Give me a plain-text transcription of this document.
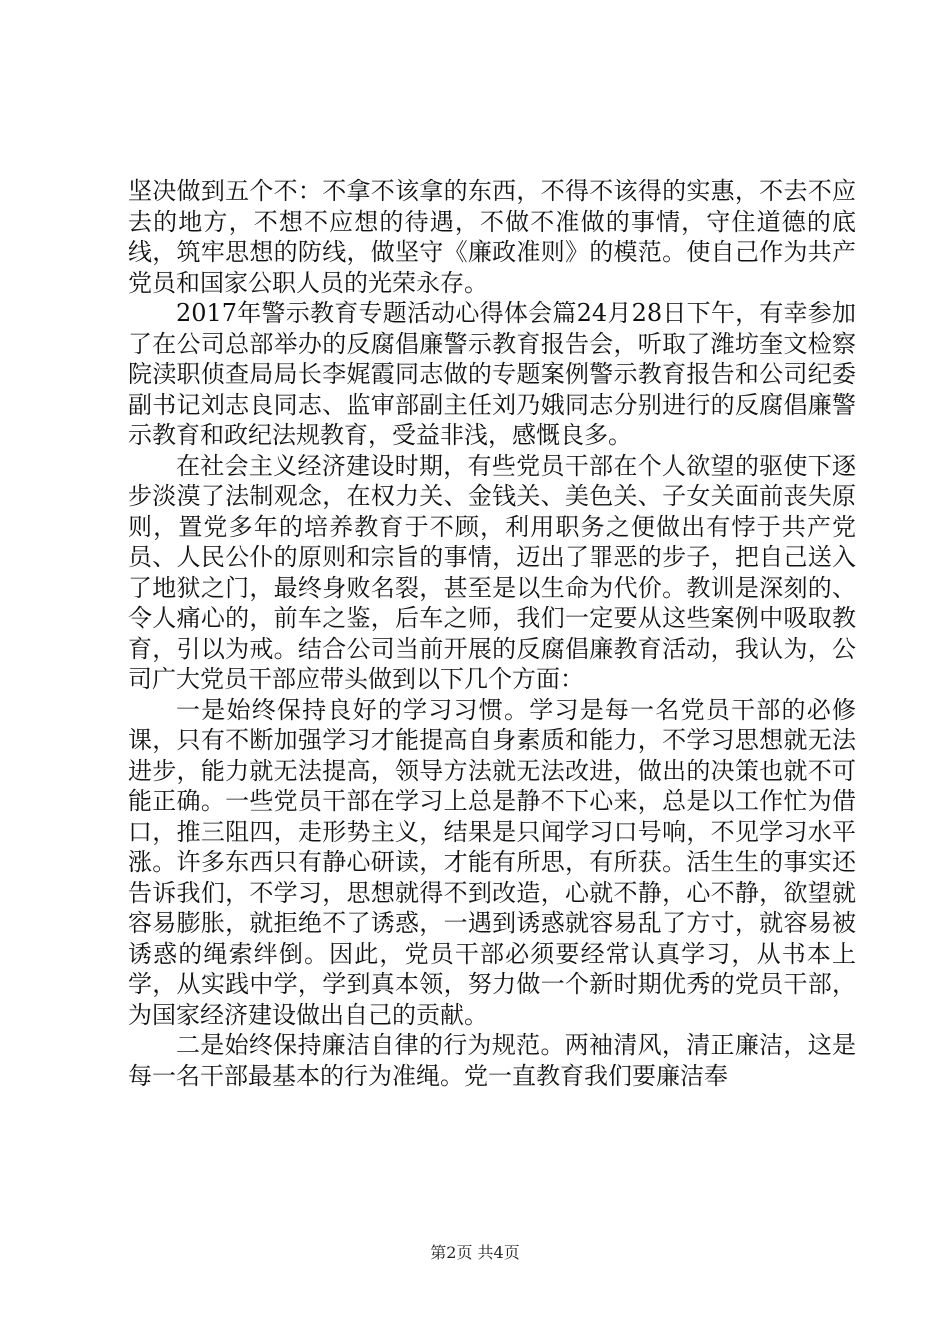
坚决做到五个不：不拿不该拿的东西，不得不该得的实惠，不去不应去的地方，不想不应想的待遇，不做不准做的事情，守住道德的底线，筑牢思想的防线，做坚守《廉政准则》的模范。使自己作为共产党员和国家公职人员的光荣永存。

2017年警示教育专题活动心得体会篇24月28日下午，有幸参加了在公司总部举办的反腐倡廉警示教育报告会，听取了潍坊奎文检察院渎职侦查局局长李娓霞同志做的专题案例警示教育报告和公司纪委副书记刘志良同志、监审部副主任刘乃娥同志分别进行的反腐倡廉警示教育和政纪法规教育，受益非浅，感慨良多。

在社会主义经济建设时期，有些党员干部在个人欲望的驱使下逐步淡漠了法制观念，在权力关、金钱关、美色关、子女关面前丧失原则，置党多年的培养教育于不顾，利用职务之便做出有悖于共产党员、人民公仆的原则和宗旨的事情，迈出了罪恶的步子，把自己送入了地狱之门，最终身败名裂，甚至是以生命为代价。教训是深刻的、令人痛心的，前车之鉴，后车之师，我们一定要从这些案例中吸取教育，引以为戒。结合公司当前开展的反腐倡廉教育活动，我认为，公司广大党员干部应带头做到以下几个方面：

一是始终保持良好的学习习惯。学习是每一名党员干部的必修课，只有不断加强学习才能提高自身素质和能力，不学习思想就无法进步，能力就无法提高，领导方法就无法改进，做出的决策也就不可能正确。一些党员干部在学习上总是静不下心来，总是以工作忙为借口，推三阻四，走形势主义，结果是只闻学习口号响，不见学习水平涨。许多东西只有静心研读，才能有所思，有所获。活生生的事实还告诉我们，不学习，思想就得不到改造，心就不静，心不静，欲望就容易膨胀，就拒绝不了诱惑，一遇到诱惑就容易乱了方寸，就容易被诱惑的绳索绊倒。因此，党员干部必须要经常认真学习，从书本上学，从实践中学，学到真本领，努力做一个新时期优秀的党员干部，为国家经济建设做出自己的贡献。

二是始终保持廉洁自律的行为规范。两袖清风，清正廉洁，这是每一名干部最基本的行为准绳。党一直教育我们要廉洁奉

第2页 共4页
